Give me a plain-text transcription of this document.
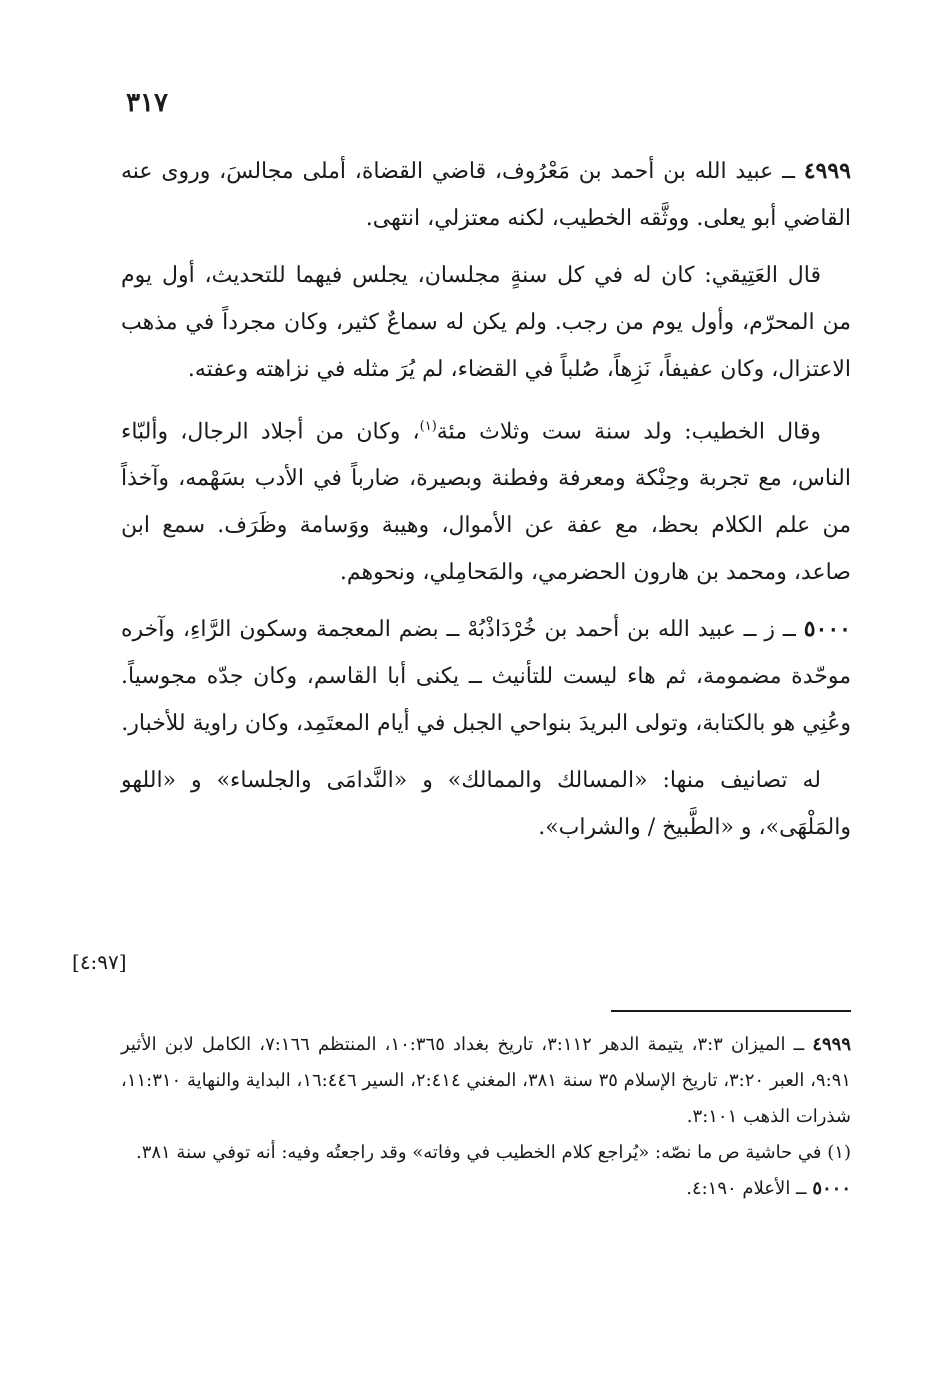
٣١٧

٤٩٩٩ ــ عبيد الله بن أحمد بن مَعْرُوف، قاضي القضاة، أملى مجالسَ، وروى عنه القاضي أبو يعلى. ووثَّقه الخطيب، لكنه معتزلي، انتهى.

قال العَتِيقي: كان له في كل سنةٍ مجلسان، يجلس فيهما للتحديث، أول يوم من المحرّم، وأول يوم من رجب. ولم يكن له سماعٌ كثير، وكان مجرداً في مذهب الاعتزال، وكان عفيفاً، نَزِهاً، صُلباً في القضاء، لم يُرَ مثله في نزاهته وعفته.

وقال الخطيب: ولد سنة ست وثلاث مئة$^{(١)}$، وكان من أجلاد الرجال، وألبّاء الناس، مع تجربة وحِنْكة ومعرفة وفطنة وبصيرة، ضارباً في الأدب بسَهْمه، وآخذاً من علم الكلام بحظ، مع عفة عن الأموال، وهيبة ووَسامة وظَرَف. سمع ابن صاعد، ومحمد بن هارون الحضرمي، والمَحامِلي، ونحوهم.

٥٠٠٠ ــ ز ــ عبيد الله بن أحمد بن خُرْدَاذْبُهْ ــ بضم المعجمة وسكون الرَّاءِ، وآخره موحّدة مضمومة، ثم هاء ليست للتأنيث ــ يكنى أبا القاسم، وكان جدّه مجوسياً. وعُنِي هو بالكتابة، وتولى البريدَ بنواحي الجبل في أيام المعتَمِد، وكان راوية للأخبار.

له تصانيف منها: «المسالك والممالك» و «النَّدامَى والجلساء» و «اللهو والمَلْهَى»، و «الطَّبيخ / والشراب».

[٤:٩٧]

٤٩٩٩ ــ الميزان ٣:٣، يتيمة الدهر ٣:١١٢، تاريخ بغداد ١٠:٣٦٥، المنتظم ٧:١٦٦، الكامل لابن الأثير ٩:٩١، العبر ٣:٢٠، تاريخ الإسلام ٣٥ سنة ٣٨١، المغني ٢:٤١٤، السير ١٦:٤٤٦، البداية والنهاية ١١:٣١٠، شذرات الذهب ٣:١٠١.

(١) في حاشية ص ما نصّه: «يُراجع كلام الخطيب في وفاته» وقد راجعتُه وفيه: أنه توفي سنة ٣٨١.

٥٠٠٠ ــ الأعلام ٤:١٩٠.
